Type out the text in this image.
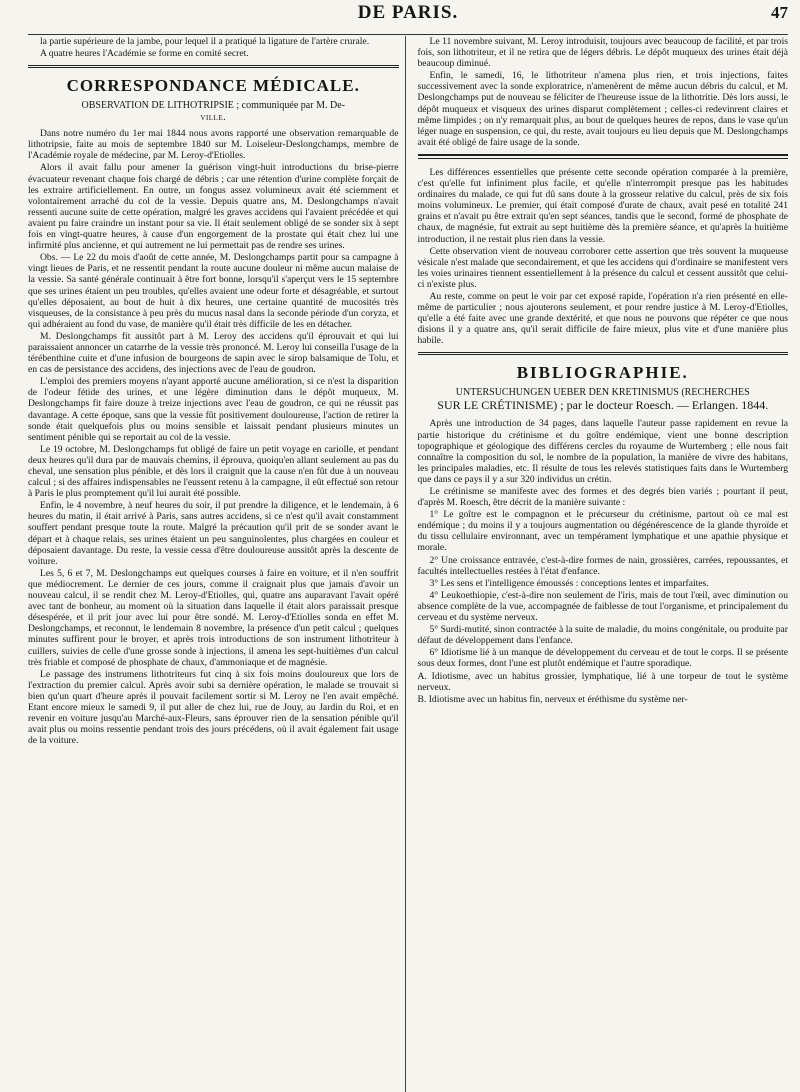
DE PARIS.	47

la partie supérieure de la jambe, pour lequel il a pratiqué la ligature de l'artère crurale.

A quatre heures l'Académie se forme en comité secret.

CORRESPONDANCE MÉDICALE.
OBSERVATION DE LITHOTRIPSIE ; communiquée par M. De-
ville.

Dans notre numéro du 1er mai 1844 nous avons rapporté une observation remarquable de lithotripsie, faite au mois de septembre 1840 sur M. Loiseleur-Deslongchamps, membre de l'Académie royale de médecine, par M. Leroy-d'Etiolles.

Alors il avait fallu pour amener la guérison vingt-huit introductions du brise-pierre évacuateur revenant chaque fois chargé de débris ; car une rétention d'urine complète forçait de les extraire artificiellement. En outre, un fongus assez volumineux avait été sciemment et volontairement arraché du col de la vessie. Depuis quatre ans, M. Deslongchamps n'avait ressenti aucune suite de cette opération, malgré les graves accidens qui l'avaient précédée et qui avaient pu faire craindre un instant pour sa vie. Il était seulement obligé de se sonder six à sept fois en vingt-quatre heures, à cause d'un engorgement de la prostate qui était chez lui une infirmité plus ancienne, et qui autrement ne lui permettait pas de rendre ses urines.

Obs. — Le 22 du mois d'août de cette année, M. Deslongchamps partit pour sa campagne à vingt lieues de Paris, et ne ressentit pendant la route aucune douleur ni même aucun malaise de la vessie. Sa santé générale continuait à être fort bonne, lorsqu'il s'aperçut vers le 15 septembre que ses urines étaient un peu troubles, qu'elles avaient une odeur forte et désagréable, et surtout qu'elles déposaient, au bout de huit à dix heures, une certaine quantité de mucosités très visqueuses, de la consistance à peu près du mucus nasal dans la seconde période d'un coryza, et qui adhéraient au fond du vase, de manière qu'il était très difficile de les en détacher.

M. Deslongchamps fit aussitôt part à M. Leroy des accidens qu'il éprouvait et qui lui paraissaient annoncer un catarrhe de la vessie très prononcé. M. Leroy lui conseilla l'usage de la térébenthine cuite et d'une infusion de bourgeons de sapin avec le sirop balsamique de Tolu, et en cas de persistance des accidens, des injections avec de l'eau de goudron.

L'emploi des premiers moyens n'ayant apporté aucune amélioration, si ce n'est la disparition de l'odeur fétide des urines, et une légère diminution dans le dépôt muqueux, M. Deslongchamps fit faire douze à treize injections avec l'eau de goudron, ce qui ne réussit pas davantage. A cette époque, sans que la vessie fût positivement douloureuse, l'action de retirer la sonde était quelquefois plus ou moins sensible et laissait pendant plusieurs minutes un sentiment pénible qui se reportait au col de la vessie.

Le 19 octobre, M. Deslongchamps fut obligé de faire un petit voyage en cariolle, et pendant deux heures qu'il dura par de mauvais chemins, il éprouva, quoiqu'en allant seulement au pas du cheval, une sensation plus pénible, et dès lors il craignit que la cause n'en fût due à un nouveau calcul ; si des affaires indispensables ne l'eussent retenu à la campagne, il eût effectué son retour à Paris le plus promptement qu'il lui aurait été possible.

Enfin, le 4 novembre, à neuf heures du soir, il put prendre la diligence, et le lendemain, à 6 heures du matin, il était arrivé à Paris, sans autres accidens, si ce n'est qu'il avait constamment souffert pendant presque toute la route. Malgré la précaution qu'il prit de se sonder avant le départ et à chaque relais, ses urines étaient un peu sanguinolentes, plus chargées en couleur et déposaient davantage. Du reste, la vessie cessa d'être douloureuse aussitôt après la descente de voiture.

Les 5, 6 et 7, M. Deslongchamps eut quelques courses à faire en voiture, et il n'en souffrit que médiocrement. Le dernier de ces jours, comme il craignait plus que jamais d'avoir un nouveau calcul, il se rendit chez M. Leroy-d'Etiolles, qui, quatre ans auparavant l'avait opéré avec tant de bonheur, au moment où la situation dans laquelle il était alors paraissait presque désespérée, et il prit jour avec lui pour être sondé. M. Leroy-d'Etiolles sonda en effet M. Deslongchamps, et reconnut, le lendemain 8 novembre, la présence d'un petit calcul ; quelques minutes suffirent pour le broyer, et après trois introductions de son instrument lithotriteur à cuillers, suivies de celle d'une grosse sonde à injections, il amena les sept-huitièmes d'un calcul très friable et composé de phosphate de chaux, d'ammoniaque et de magnésie.

Le passage des instrumens lithotriteurs fut cinq à six fois moins douloureux que lors de l'extraction du premier calcul. Après avoir subi sa dernière opération, le malade se trouvait si bien qu'un quart d'heure après il pouvait facilement sortir si M. Leroy ne l'en avait empêché. Etant encore mieux le samedi 9, il put aller de chez lui, rue de Jouy, au Jardin du Roi, et en revenir en voiture jusqu'au Marché-aux-Fleurs, sans éprouver rien de la sensation pénible qu'il avait plus ou moins ressentie pendant trois des jours précédens, où il avait également fait usage de la voiture.

Le 11 novembre suivant, M. Leroy introduisit, toujours avec beaucoup de facilité, et par trois fois, son lithotriteur, et il ne retira que de légers débris. Le dépôt muqueux des urines était déjà beaucoup diminué.

Enfin, le samedi, 16, le lithotriteur n'amena plus rien, et trois injections, faites successivement avec la sonde exploratrice, n'amenèrent de même aucun débris du calcul, et M. Deslongchamps put de nouveau se féliciter de l'heureuse issue de la lithotritie. Dès lors aussi, le dépôt muqueux et visqueux des urines disparut complètement ; celles-ci redevinrent claires et même limpides ; on n'y remarquait plus, au bout de quelques heures de repos, dans le vase qu'un léger nuage en suspension, ce qui, du reste, avait toujours eu lieu depuis que M. Deslongchamps avait été obligé de faire usage de la sonde.

Les différences essentielles que présente cette seconde opération comparée à la première, c'est qu'elle fut infiniment plus facile, et qu'elle n'interrompit presque pas les habitudes ordinaires du malade, ce qui fut dû sans doute à la grosseur relative du calcul, près de six fois moins volumineux. Le premier, qui était composé d'urate de chaux, avait pesé en totalité 241 grains et n'avait pu être extrait qu'en sept séances, tandis que le second, formé de phosphate de chaux, de magnésie, fut extrait au sept huitième dès la première séance, et qu'après la huitième introduction, il ne restait plus rien dans la vessie.

Cette observation vient de nouveau corroborer cette assertion que très souvent la muqueuse vésicale n'est malade que secondairement, et que les accidens qui d'ordinaire se manifestent vers les voies urinaires tiennent essentiellement à la présence du calcul et cessent aussitôt que celui-ci n'existe plus.

Au reste, comme on peut le voir par cet exposé rapide, l'opération n'a rien présenté en elle-même de particulier ; nous ajouterons seulement, et pour rendre justice à M. Leroy-d'Etiolles, qu'elle a été faite avec une grande dextérité, et que nous ne pouvons que répéter ce que nous disions il y a quatre ans, qu'il serait difficile de faire mieux, plus vite et d'une manière plus habile.

BIBLIOGRAPHIE.
UNTERSUCHUNGEN UEBER DEN KRETINISMUS (RECHERCHES
SUR LE CRÉTINISME) ; par le docteur Roesch. — Erlangen. 1844.

Après une introduction de 34 pages, dans laquelle l'auteur passe rapidement en revue la partie historique du crétinisme et du goître endémique, vient une bonne description topographique et géologique des différens cercles du royaume de Wurtemberg ; elle nous fait connaître la composition du sol, le nombre de la population, la manière de vivre des habitans, les principales maladies, etc. Il résulte de tous les relevés statistiques faits dans le Wurtemberg que dans ce pays il y a sur 320 individus un crétin.

Le crétinisme se manifeste avec des formes et des degrés bien variés ; pourtant il peut, d'après M. Roesch, être décrit de la manière suivante :

1° Le goître est le compagnon et le précurseur du crétinisme, partout où ce mal est endémique ; du moins il y a toujours augmentation ou dégénérescence de la glande thyroïde et du tissu cellulaire environnant, avec un tempérament lymphatique et une apathie physique et morale.

2° Une croissance entravée, c'est-à-dire formes de nain, grossières, carrées, repoussantes, et facultés intellectuelles restées à l'état d'enfance.

3° Les sens et l'intelligence émoussés : conceptions lentes et imparfaites.

4° Leukoethiopie, c'est-à-dire non seulement de l'iris, mais de tout l'œil, avec diminution ou absence complète de la vue, accompagnée de faiblesse de tout l'organisme, et principalement du cerveau et du système nerveux.

5° Surdi-mutité, sinon contractée à la suite de maladie, du moins congénitale, ou produite par défaut de développement dans l'enfance.

6° Idiotisme lié à un manque de développement du cerveau et de tout le corps. Il se présente sous deux formes, dont l'une est plutôt endémique et l'autre sporadique.

A. Idiotisme, avec un habitus grossier, lymphatique, lié à une torpeur de tout le système nerveux.

B. Idiotisme avec un habitus fin, nerveux et éréthisme du système ner-
